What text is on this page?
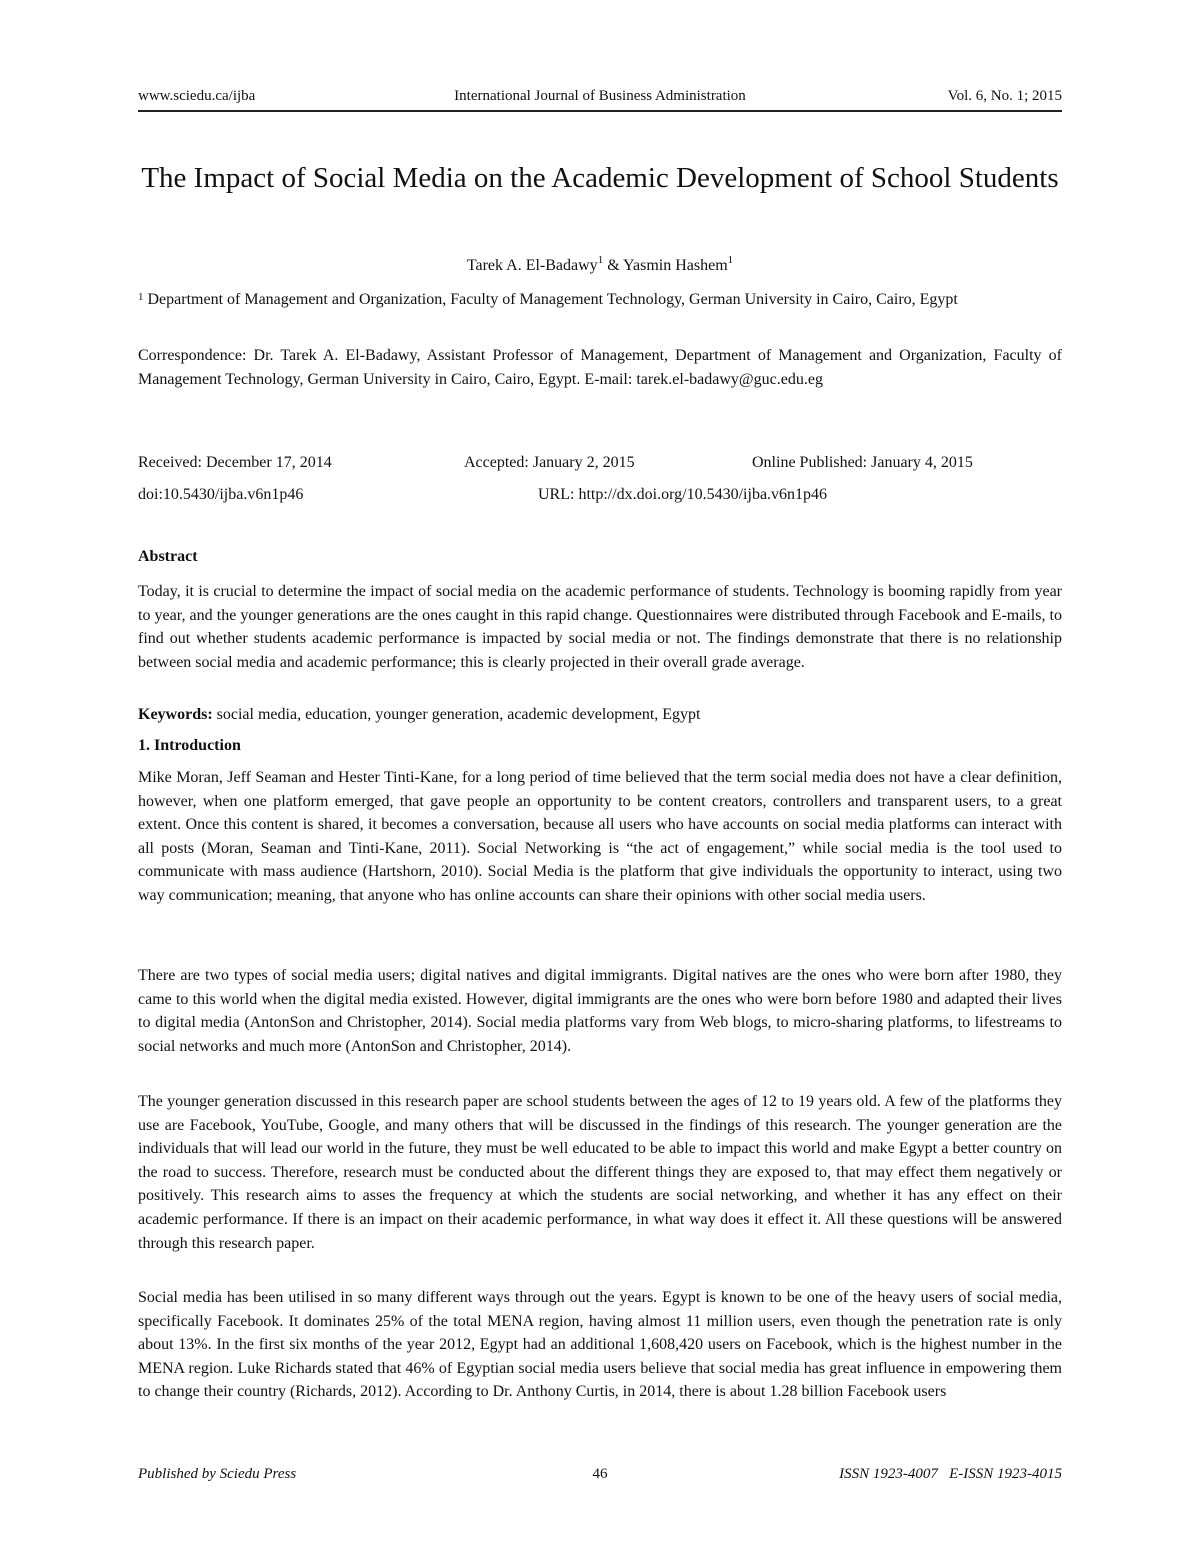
www.sciedu.ca/ijba	International Journal of Business Administration	Vol. 6, No. 1; 2015
The Impact of Social Media on the Academic Development of School Students
Tarek A. El-Badawy$^1$ & Yasmin Hashem$^1$
$^1$ Department of Management and Organization, Faculty of Management Technology, German University in Cairo, Cairo, Egypt
Correspondence: Dr. Tarek A. El-Badawy, Assistant Professor of Management, Department of Management and Organization, Faculty of Management Technology, German University in Cairo, Cairo, Egypt. E-mail: tarek.el-badawy@guc.edu.eg
Received: December 17, 2014	Accepted: January 2, 2015	Online Published: January 4, 2015
doi:10.5430/ijba.v6n1p46	URL: http://dx.doi.org/10.5430/ijba.v6n1p46
Abstract
Today, it is crucial to determine the impact of social media on the academic performance of students. Technology is booming rapidly from year to year, and the younger generations are the ones caught in this rapid change. Questionnaires were distributed through Facebook and E-mails, to find out whether students academic performance is impacted by social media or not. The findings demonstrate that there is no relationship between social media and academic performance; this is clearly projected in their overall grade average.
Keywords: social media, education, younger generation, academic development, Egypt
1. Introduction

Mike Moran, Jeff Seaman and Hester Tinti-Kane, for a long period of time believed that the term social media does not have a clear definition, however, when one platform emerged, that gave people an opportunity to be content creators, controllers and transparent users, to a great extent. Once this content is shared, it becomes a conversation, because all users who have accounts on social media platforms can interact with all posts (Moran, Seaman and Tinti-Kane, 2011). Social Networking is “the act of engagement,” while social media is the tool used to communicate with mass audience (Hartshorn, 2010). Social Media is the platform that give individuals the opportunity to interact, using two way communication; meaning, that anyone who has online accounts can share their opinions with other social media users.

There are two types of social media users; digital natives and digital immigrants. Digital natives are the ones who were born after 1980, they came to this world when the digital media existed. However, digital immigrants are the ones who were born before 1980 and adapted their lives to digital media (AntonSon and Christopher, 2014). Social media platforms vary from Web blogs, to micro-sharing platforms, to lifestreams to social networks and much more (AntonSon and Christopher, 2014).

The younger generation discussed in this research paper are school students between the ages of 12 to 19 years old. A few of the platforms they use are Facebook, YouTube, Google, and many others that will be discussed in the findings of this research. The younger generation are the individuals that will lead our world in the future, they must be well educated to be able to impact this world and make Egypt a better country on the road to success. Therefore, research must be conducted about the different things they are exposed to, that may effect them negatively or positively. This research aims to asses the frequency at which the students are social networking, and whether it has any effect on their academic performance. If there is an impact on their academic performance, in what way does it effect it. All these questions will be answered through this research paper.

Social media has been utilised in so many different ways through out the years. Egypt is known to be one of the heavy users of social media, specifically Facebook. It dominates 25% of the total MENA region, having almost 11 million users, even though the penetration rate is only about 13%. In the first six months of the year 2012, Egypt had an additional 1,608,420 users on Facebook, which is the highest number in the MENA region. Luke Richards stated that 46% of Egyptian social media users believe that social media has great influence in empowering them to change their country (Richards, 2012). According to Dr. Anthony Curtis, in 2014, there is about 1.28 billion Facebook users

Published by Sciedu Press	46	ISSN 1923-4007   E-ISSN 1923-4015
